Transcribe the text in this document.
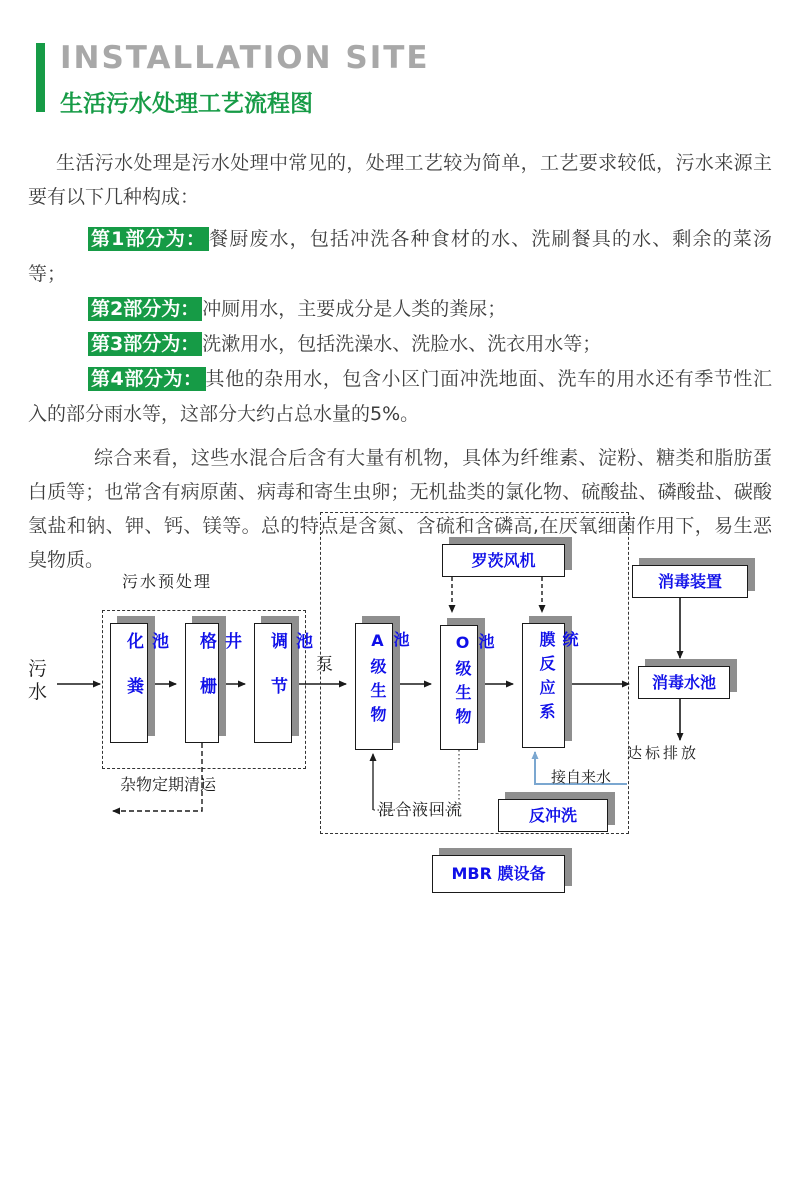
INSTALLATION SITE
生活污水处理工艺流程图

生活污水处理是污水处理中常见的，处理工艺较为简单，工艺要求较低，污水来源主要有以下几种构成：

第1部分为： 餐厨废水，包括冲洗各种食材的水、洗刷餐具的水、剩余的菜汤等；

第2部分为： 冲厕用水，主要成分是人类的粪尿；

第3部分为： 洗漱用水，包括洗澡水、洗脸水、洗衣用水等；

第4部分为： 其他的杂用水，包含小区门面冲洗地面、洗车的用水还有季节性汇入的部分雨水等，这部分大约占总水量的5%。

综合来看，这些水混合后含有大量有机物，具体为纤维素、淀粉、糖类和脂肪蛋白质等；也常含有病原菌、病毒和寄生虫卵；无机盐类的氯化物、硫酸盐、磷酸盐、碳酸氢盐和钠、钾、钙、镁等。总的特点是含氮、含硫和含磷高,在厌氧细菌作用下，易生恶臭物质。

化粪池	格栅井	调节池	A级生物池	O级生物池	膜反应系统
罗茨风机
消毒装置
消毒水池
反冲洗
MBR 膜设备
污水
污水预处理
杂物定期清运
泵
混合液回流
接自来水
达标排放
